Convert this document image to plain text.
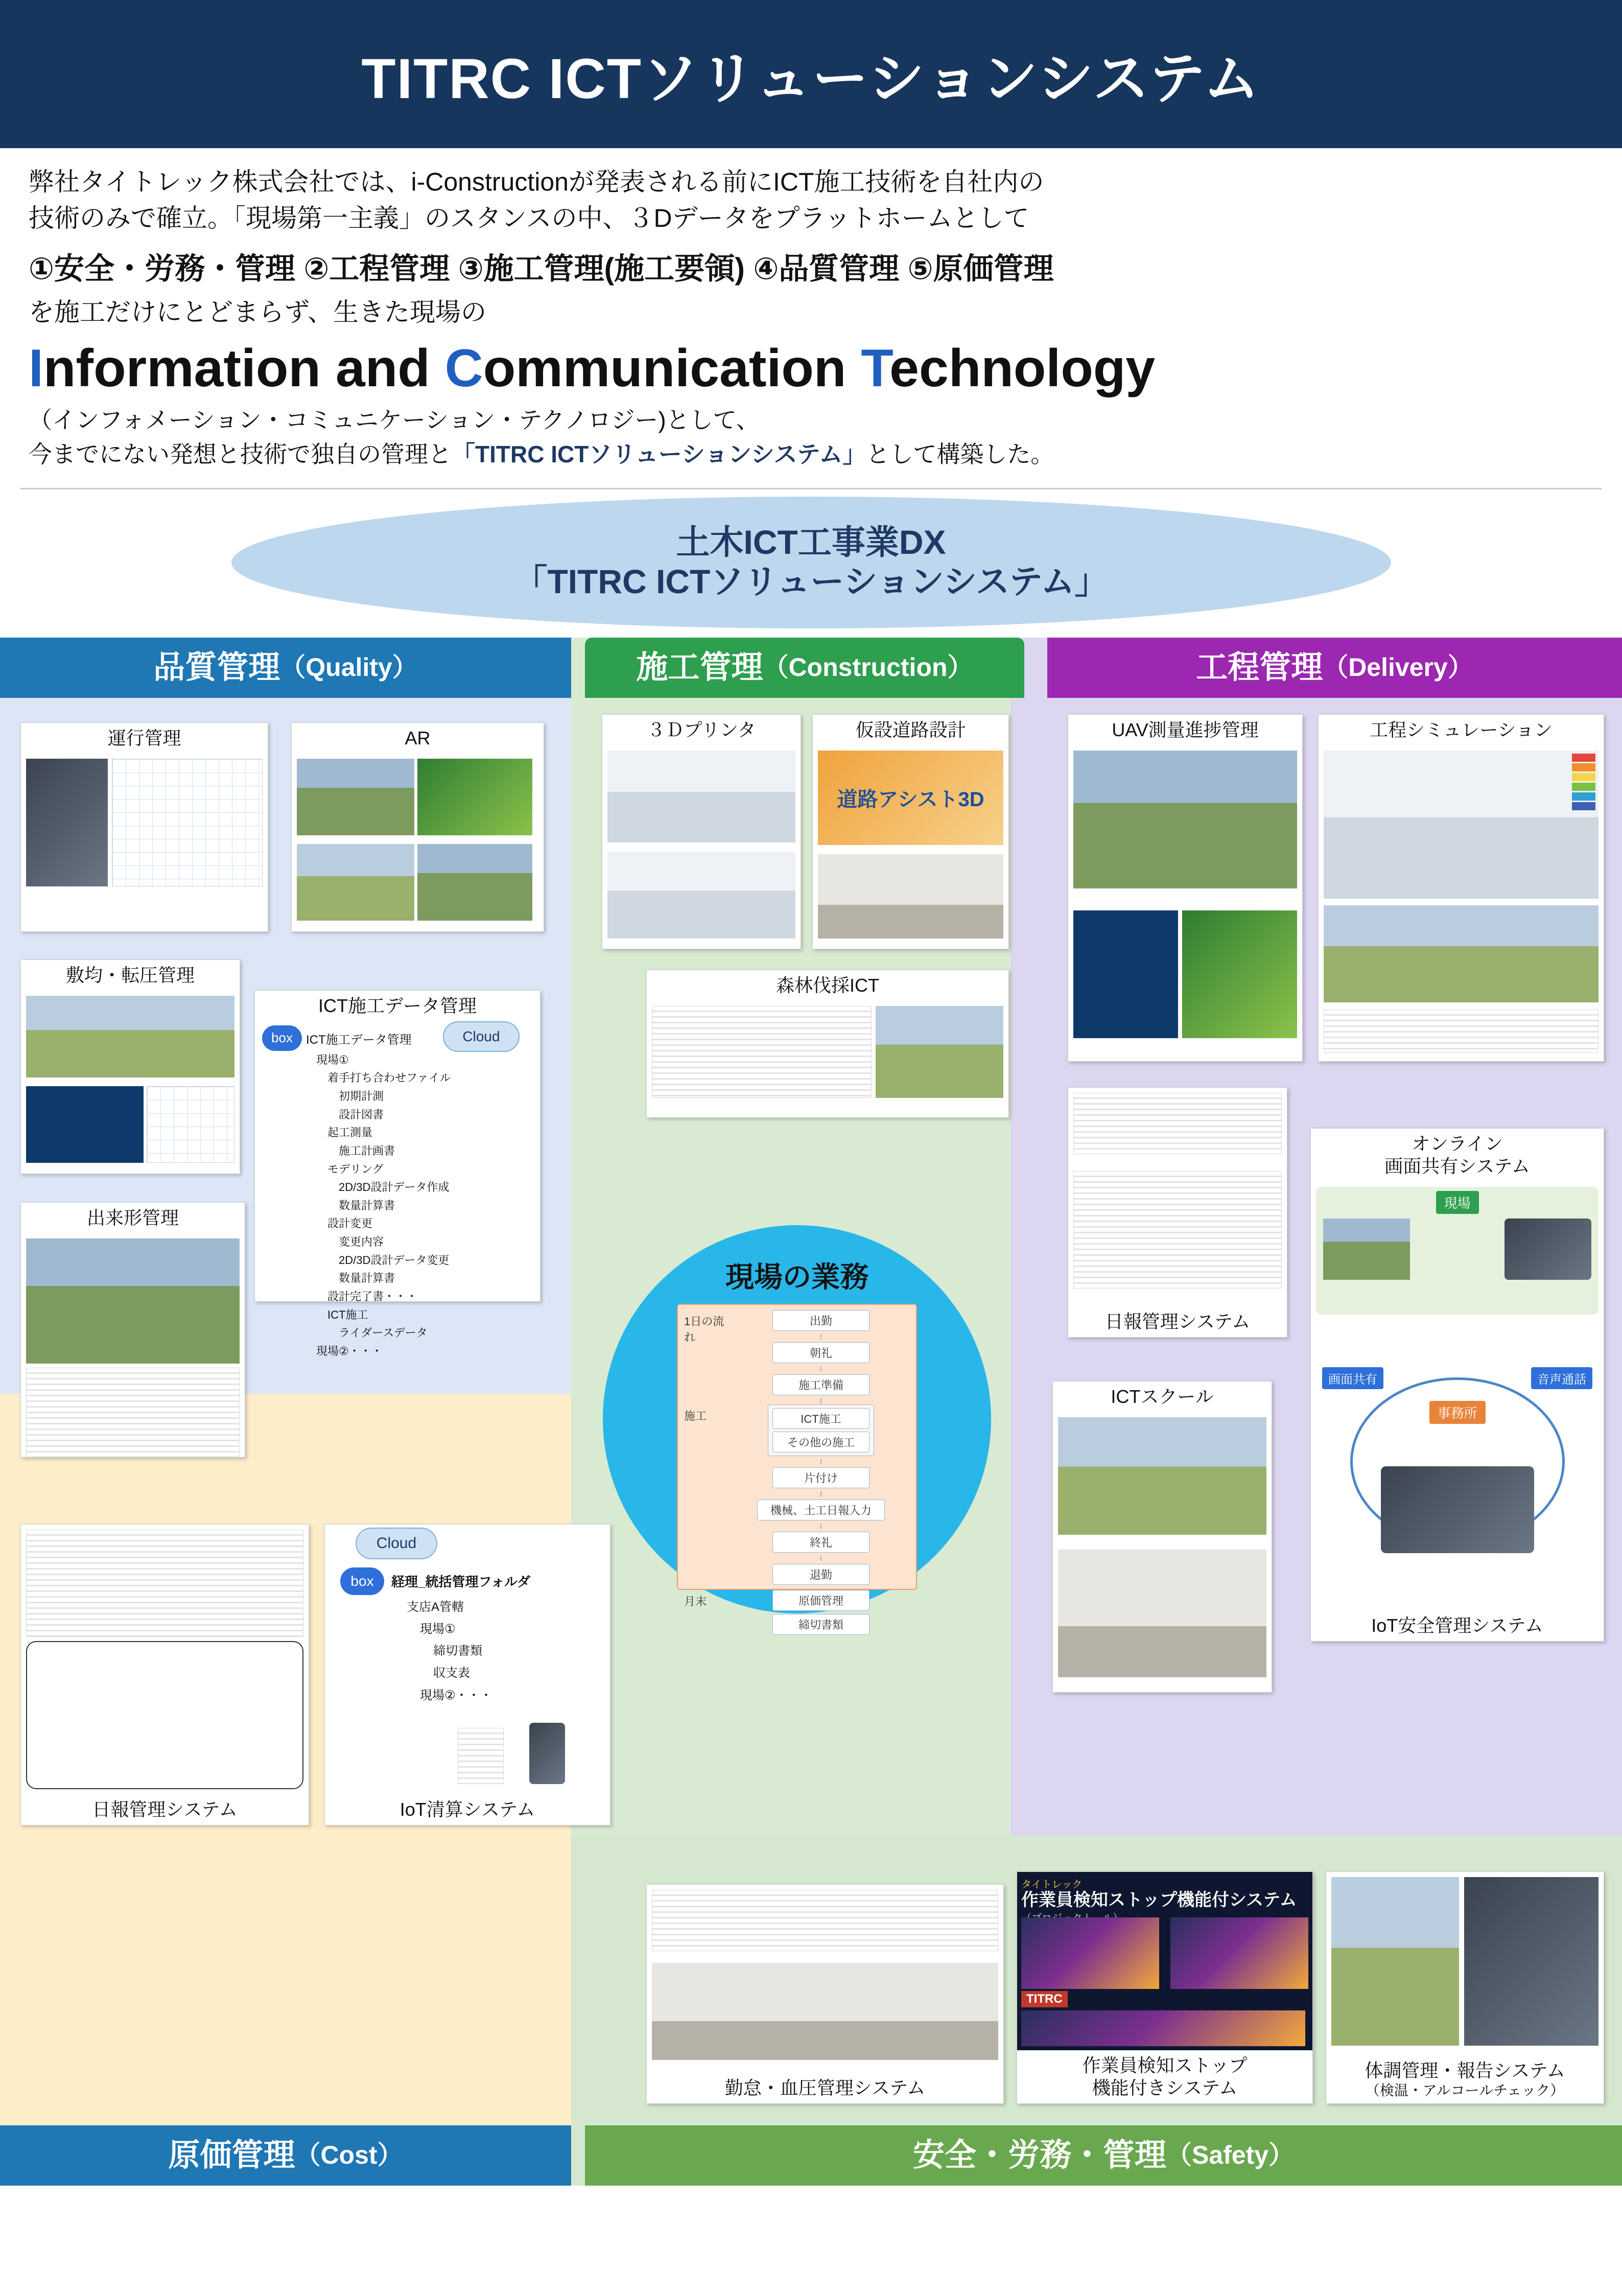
TITRC ICTソリューションシステム

弊社タイトレック株式会社では、i-Constructionが発表される前にICT施工技術を自社内の

技術のみで確立。「現場第一主義」のスタンスの中、３Dデータをプラットホームとして

①安全・労務・管理 ②工程管理 ③施工管理(施工要領) ④品質管理 ⑤原価管理

を施工だけにとどまらず、生きた現場の

Information and Communication Technology

（インフォメーション・コミュニケーション・テクノロジー)として、

今までにない発想と技術で独自の管理と「TITRC ICTソリューションシステム」として構築した。

土木ICT工事業DX
「TITRC ICTソリューションシステム」
品質管理 （Quality）	施工管理 （Construction）	工程管理 （Delivery）
原価管理 （Cost）	安全・労務・管理 （Safety）
運行管理	AR
敷均・転圧管理
ICT施工データ管理
box	Cloud
ICT施工データ管理
現場①
着手打ち合わせファイル
初期計測
設計図書
起工測量
施工計画書
モデリング
2D/3D設計データ作成
数量計算書
設計変更
変更内容
2D/3D設計データ変更
数量計算書
設計完了書・・・
ICT施工
ライダースデータ
現場②・・・
出来形管理
日報管理システム
Cloud
box	経理_統括管理フォルダ
支店A管轄
現場①
締切書類
収支表
現場②・・・
IoT清算システム
３Ｄプリンタ	仮設道路設計
道路アシスト3D
森林伐採ICT
勤怠・血圧管理システム
UAV測量進捗管理	工程シミュレーション
日報管理システム
オンライン
画面共有システム
現場
画面共有	音声通話
事務所
IoT安全管理システム
ICTスクール
タイトレック
作業員検知ストップ機能付システム
TITRC
作業員検知ストップ
機能付きシステム
体調管理・報告システム
（検温・アルコールチェック）
現場の業務
1日の流れ
出勤
朝礼
施工準備
施工	ICT施工
その他の施工
片付け
機械、土工日報入力
終礼
退勤
月末	原価管理
締切書類
